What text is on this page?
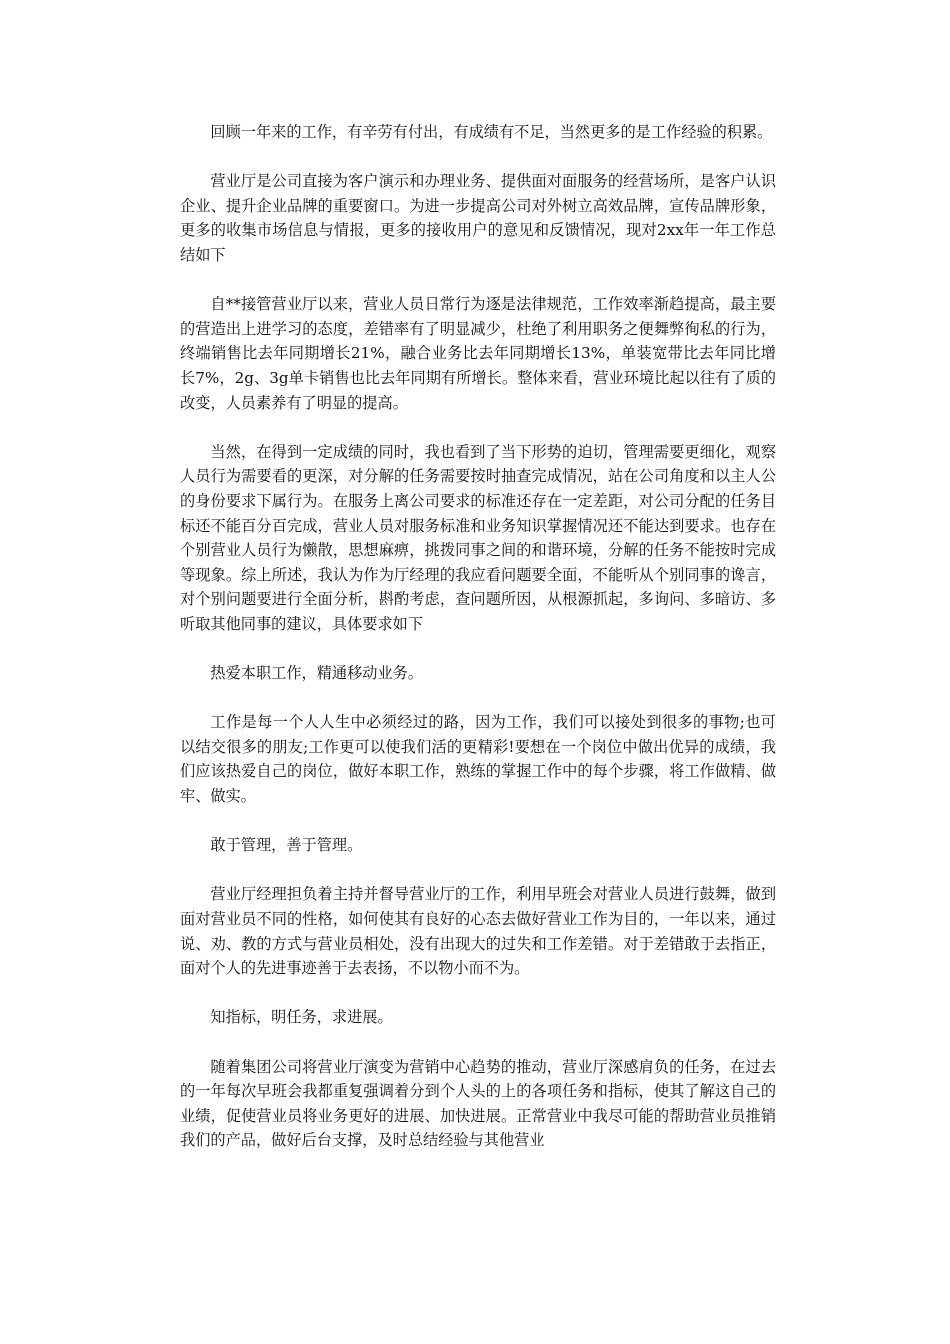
回顾一年来的工作，有辛劳有付出，有成绩有不足，当然更多的是工作经验的积累。

营业厅是公司直接为客户演示和办理业务、提供面对面服务的经营场所，是客户认识企业、提升企业品牌的重要窗口。为进一步提高公司对外树立高效品牌，宣传品牌形象，更多的收集市场信息与情报，更多的接收用户的意见和反馈情况，现对2xx年一年工作总结如下

自**接管营业厅以来，营业人员日常行为逐是法律规范，工作效率渐趋提高，最主要的营造出上进学习的态度，差错率有了明显减少，杜绝了利用职务之便舞弊徇私的行为，终端销售比去年同期增长21%，融合业务比去年同期增长13%，单装宽带比去年同比增长7%，2g、3g单卡销售也比去年同期有所增长。整体来看，营业环境比起以往有了质的改变，人员素养有了明显的提高。

当然，在得到一定成绩的同时，我也看到了当下形势的迫切，管理需要更细化，观察人员行为需要看的更深，对分解的任务需要按时抽查完成情况，站在公司角度和以主人公的身份要求下属行为。在服务上离公司要求的标准还存在一定差距，对公司分配的任务目标还不能百分百完成，营业人员对服务标准和业务知识掌握情况还不能达到要求。也存在个别营业人员行为懒散，思想麻痹，挑拨同事之间的和谐环境，分解的任务不能按时完成等现象。综上所述，我认为作为厅经理的我应看问题要全面，不能听从个别同事的谗言，对个别问题要进行全面分析，斟酌考虑，查问题所因，从根源抓起，多询问、多暗访、多听取其他同事的建议，具体要求如下

热爱本职工作，精通移动业务。

工作是每一个人人生中必须经过的路，因为工作，我们可以接处到很多的事物;也可以结交很多的朋友;工作更可以使我们活的更精彩!要想在一个岗位中做出优异的成绩，我们应该热爱自己的岗位，做好本职工作，熟练的掌握工作中的每个步骤，将工作做精、做牢、做实。

敢于管理，善于管理。

营业厅经理担负着主持并督导营业厅的工作，利用早班会对营业人员进行鼓舞，做到面对营业员不同的性格，如何使其有良好的心态去做好营业工作为目的，一年以来，通过说、劝、教的方式与营业员相处，没有出现大的过失和工作差错。对于差错敢于去指正，面对个人的先进事迹善于去表扬，不以物小而不为。

知指标，明任务，求进展。

随着集团公司将营业厅演变为营销中心趋势的推动，营业厅深感肩负的任务，在过去的一年每次早班会我都重复强调着分到个人头的上的各项任务和指标，使其了解这自己的业绩，促使营业员将业务更好的进展、加快进展。正常营业中我尽可能的帮助营业员推销我们的产品，做好后台支撑，及时总结经验与其他营业
